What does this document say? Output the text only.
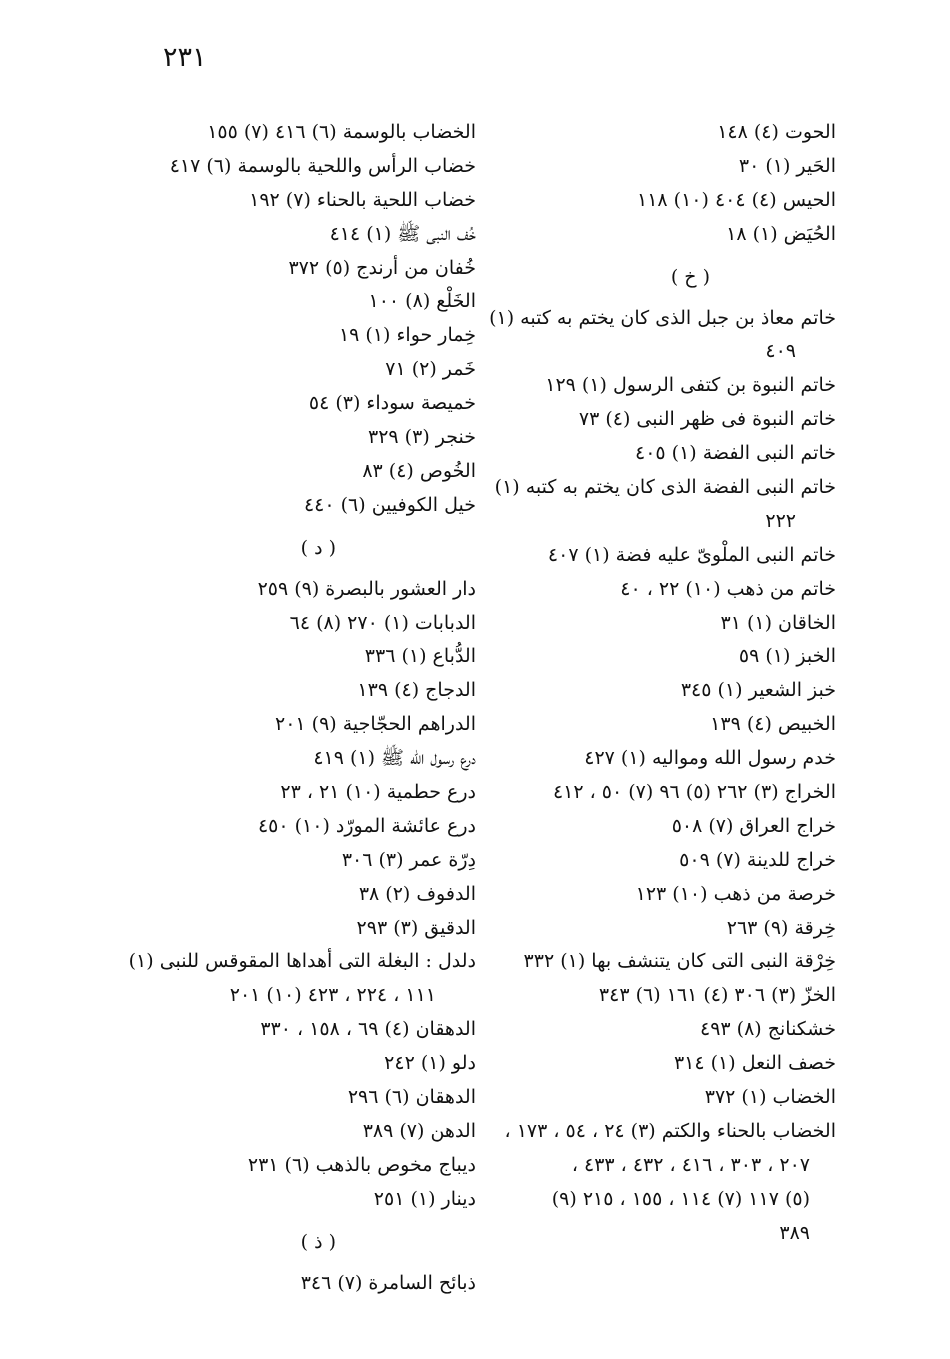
٢٣١
الحوت (٤) ١٤٨
الحَير (١) ٣٠
الحيس (٤) ٤٠٤ (١٠) ١١٨
الحُيَض (١) ١٨
( خ )
خاتم معاذ بن جبل الذى كان يختم به كتبه (١)
٤٠٩
خاتم النبوة بن كتفى الرسول (١) ١٢٩
خاتم النبوة فى ظهر النبى (٤) ٧٣
خاتم النبى الفضة (١) ٤٠٥
خاتم النبى الفضة الذى كان يختم به كتبه (١)
٢٢٢
خاتم النبى الملْوىّ عليه فضة (١) ٤٠٧
خاتم من ذهب (١٠) ٢٢ ، ٤٠
الخاقان (١) ٣١
الخبز (١) ٥٩
خبز الشعير (١) ٣٤٥
الخبيص (٤) ١٣٩
خدم رسول الله ومواليه (١) ٤٢٧
الخراج (٣) ٢٦٢ (٥) ٩٦ (٧) ٥٠ ، ٤١٢
خراج العراق (٧) ٥٠٨
خراج للدينة (٧) ٥٠٩
خرصة من ذهب (١٠) ١٢٣
خِرقة (٩) ٢٦٣
خِرْقة النبى التى كان يتنشف بها (١) ٣٣٢
الخزّ (٣) ٣٠٦ (٤) ١٦١ (٦) ٣٤٣
خشكنانج (٨) ٤٩٣
خصف النعل (١) ٣١٤
الخضاب (١) ٣٧٢
الخضاب بالحناء والكتم (٣) ٢٤ ، ٥٤ ، ١٧٣ ،
٢٠٧ ، ٣٠٣ ، ٤١٦ ، ٤٣٢ ، ٤٣٣ ،
(٥) ١١٧ (٧) ١١٤ ، ١٥٥ ، ٢١٥ (٩)
٣٨٩
الخضاب بالوسمة (٦) ٤١٦ (٧) ١٥٥
خضاب الرأس واللحية بالوسمة (٦) ٤١٧
خضاب اللحية بالحناء (٧) ١٩٢
خُف النبى ﷺ (١) ٤١٤
خُفان من أرندج (٥) ٣٧٢
الخَلْع (٨) ١٠٠
خِمار حواء (١) ١٩
خَمر (٢) ٧١
خميصة سوداء (٣) ٥٤
خنجر (٣) ٣٢٩
الخُوص (٤) ٨٣
خيل الكوفيين (٦) ٤٤٠
( د )
دار العشور بالبصرة (٩) ٢٥٩
الدبابات (١) ٢٧٠ (٨) ٦٤
الدُّباع (١) ٣٣٦
الدجاج (٤) ١٣٩
الدراهم الحجّاجية (٩) ٢٠١
درع رسول الله ﷺ (١) ٤١٩
درع حطمية (١٠) ٢١ ، ٢٣
درع عائشة المورّد (١٠) ٤٥٠
دِرّة عمر (٣) ٣٠٦
الدفوف (٢) ٣٨
الدقيق (٣) ٢٩٣
دلدل : البغلة التى أهداها المقوقس للنبى (١)
١١١ ، ٢٢٤ ، ٤٢٣ (١٠) ٢٠١
الدهقان (٤) ٦٩ ، ١٥٨ ، ٣٣٠
دلو (١) ٢٤٢
الدهقان (٦) ٢٩٦
الدهن (٧) ٣٨٩
ديباج مخوص بالذهب (٦) ٢٣١
دينار (١) ٢٥١
( ذ )
ذبائح السامرة (٧) ٣٤٦
